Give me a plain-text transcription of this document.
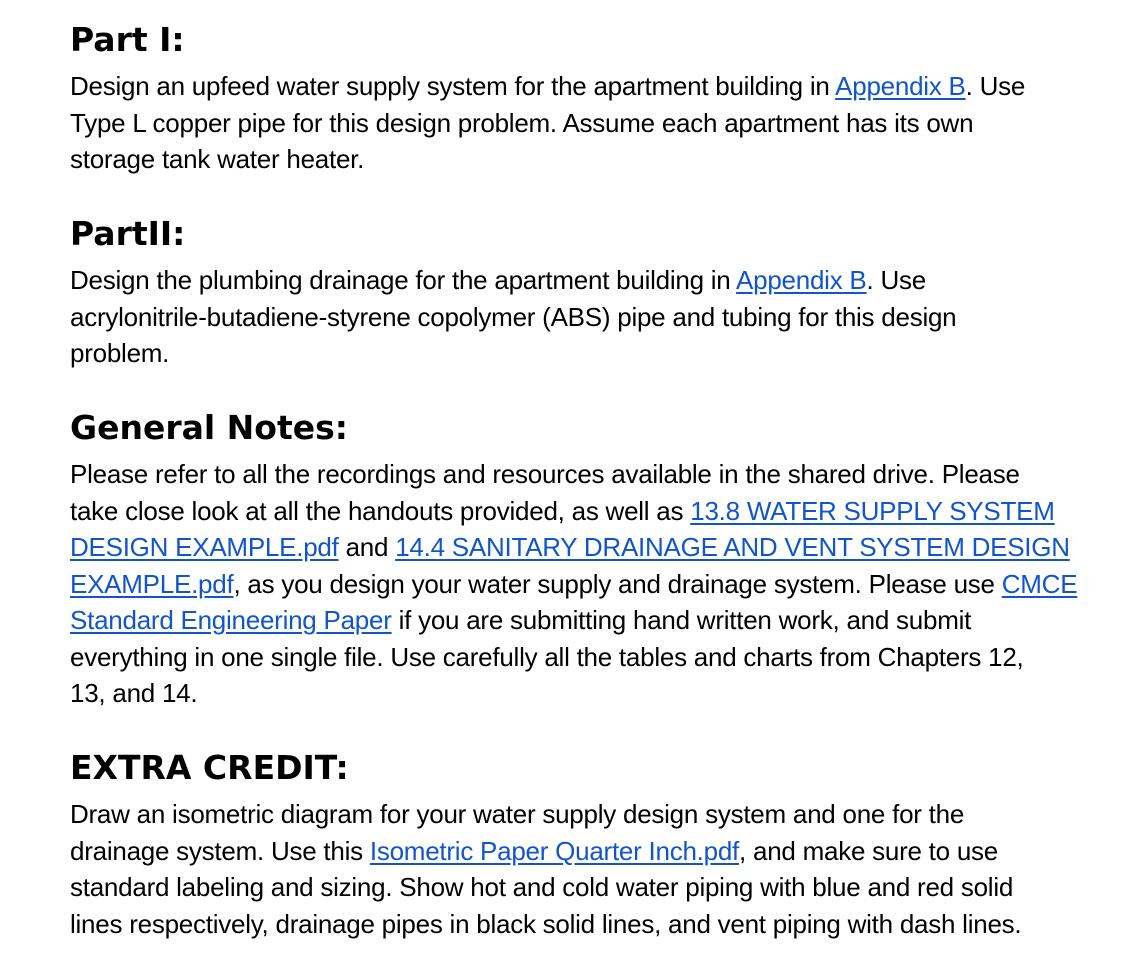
Part I:

Design an upfeed water supply system for the apartment building in Appendix B. Use
Type L copper pipe for this design problem. Assume each apartment has its own
storage tank water heater.

PartII:

Design the plumbing drainage for the apartment building in Appendix B. Use
acrylonitrile-butadiene-styrene copolymer (ABS) pipe and tubing for this design
problem.

General Notes:

Please refer to all the recordings and resources available in the shared drive. Please
take close look at all the handouts provided, as well as 13.8 WATER SUPPLY SYSTEM
DESIGN EXAMPLE.pdf and 14.4 SANITARY DRAINAGE AND VENT SYSTEM DESIGN
EXAMPLE.pdf, as you design your water supply and drainage system. Please use CMCE
Standard Engineering Paper if you are submitting hand written work, and submit
everything in one single file. Use carefully all the tables and charts from Chapters 12,
13, and 14.

EXTRA CREDIT:

Draw an isometric diagram for your water supply design system and one for the
drainage system. Use this Isometric Paper Quarter Inch.pdf, and make sure to use
standard labeling and sizing. Show hot and cold water piping with blue and red solid
lines respectively, drainage pipes in black solid lines, and vent piping with dash lines.
